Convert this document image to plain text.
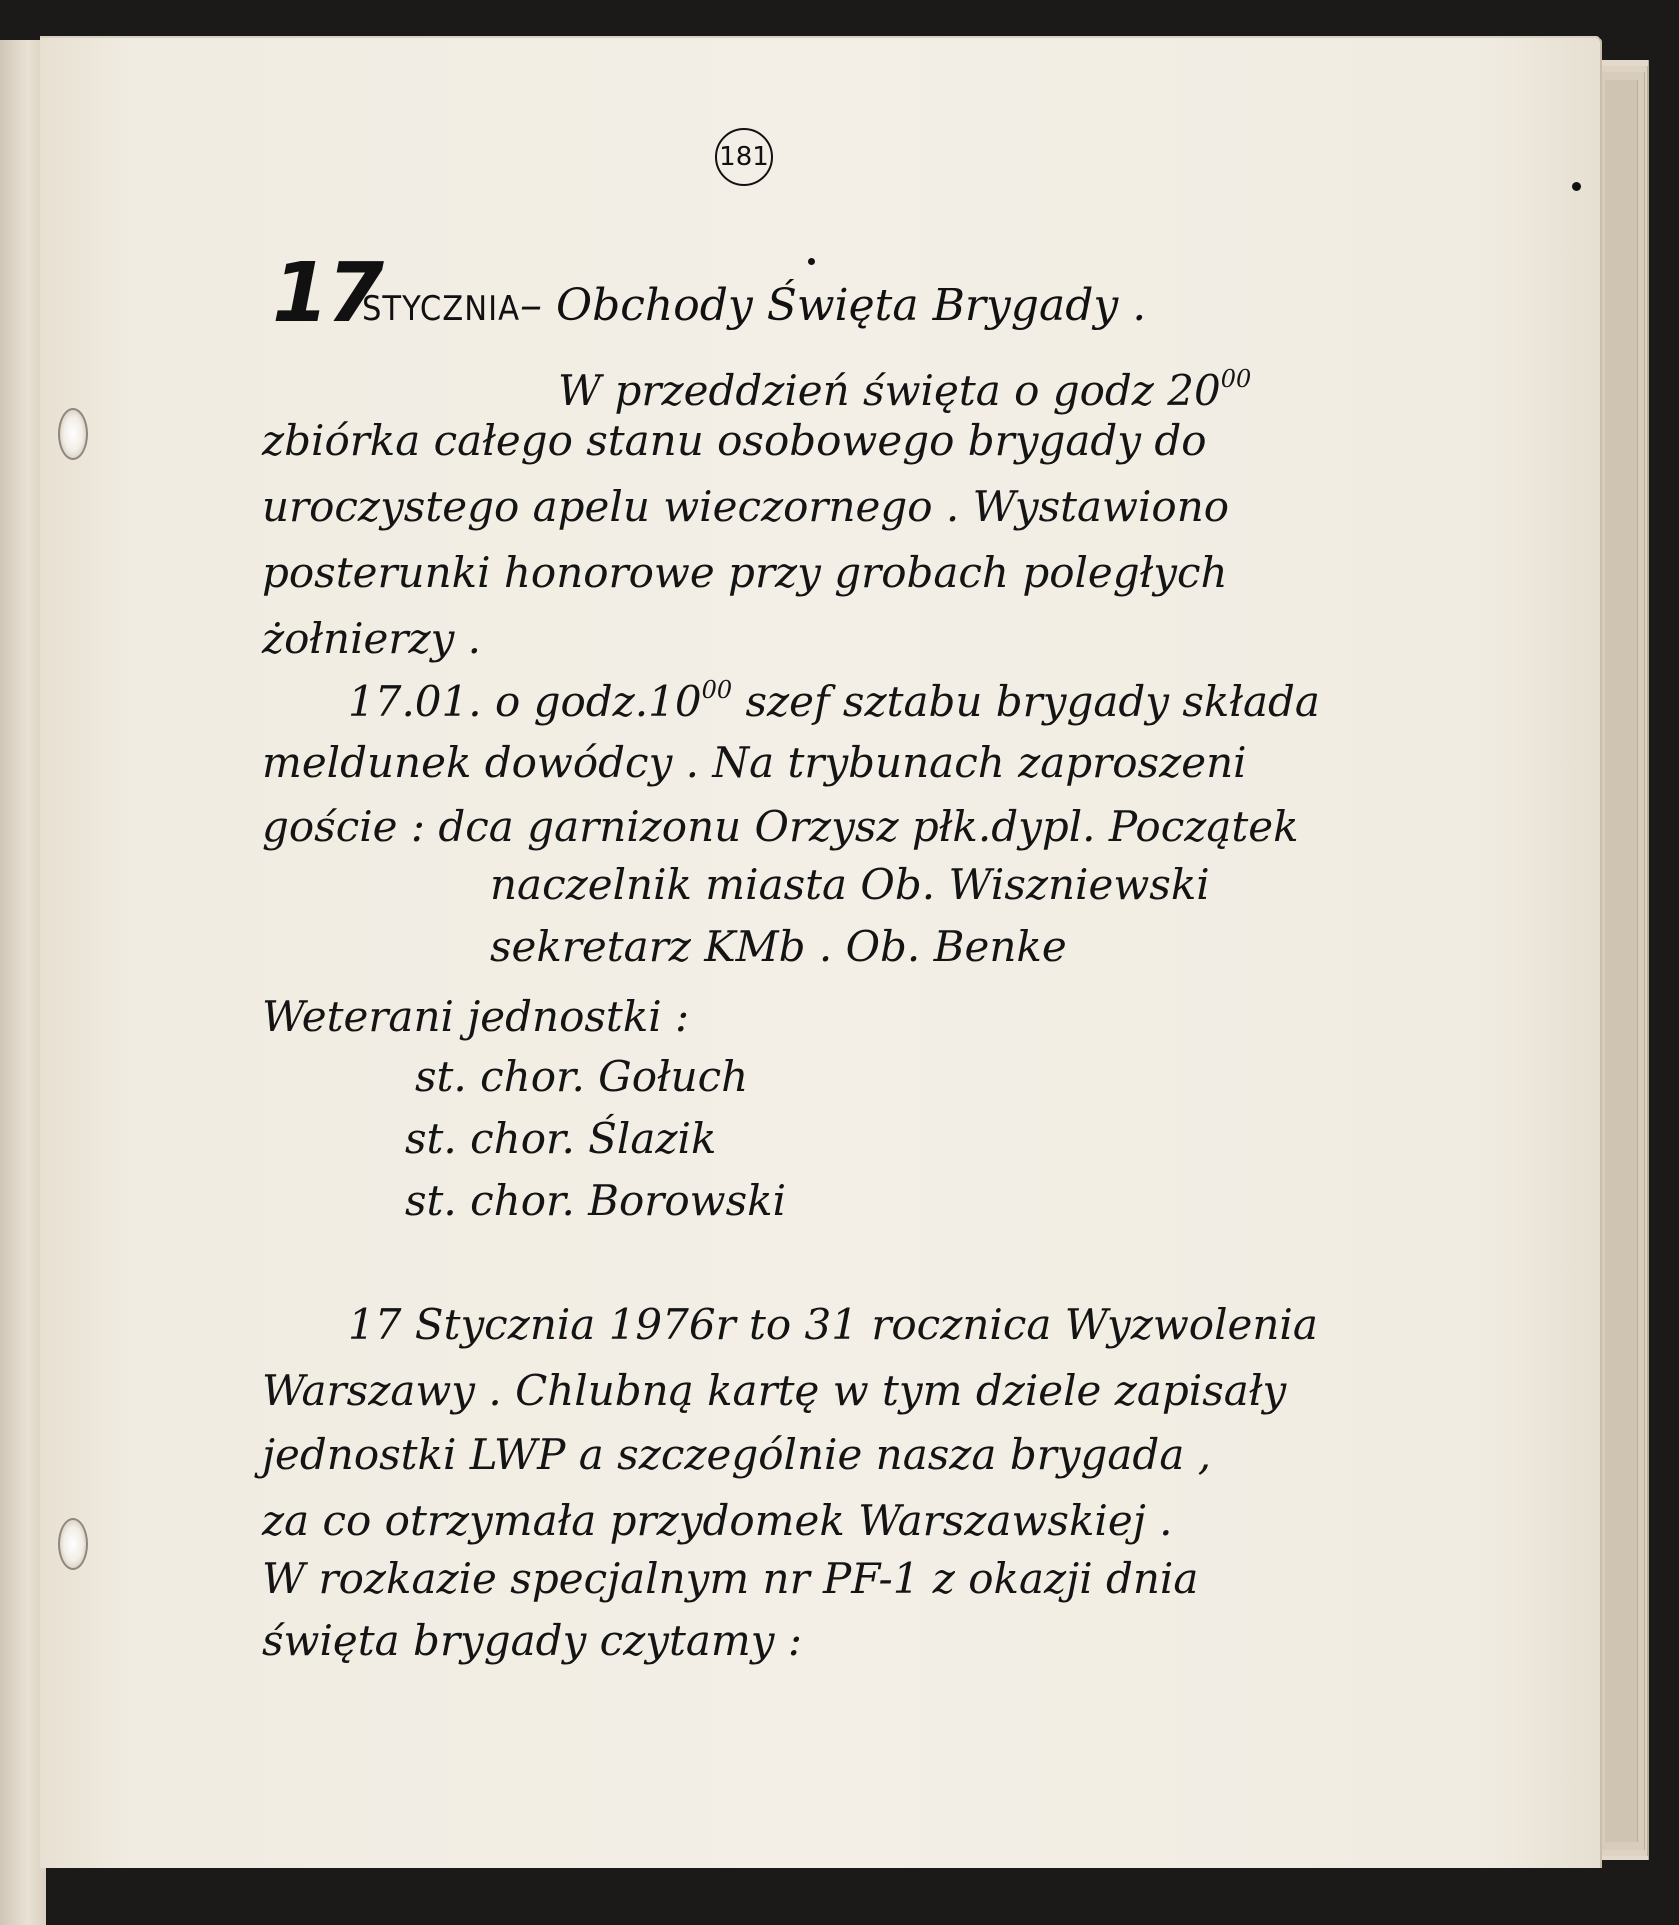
181
17
STYCZNIA– Obchody Święta Brygady .
W przeddzień święta o godz $20^{00}$
zbiórka całego stanu osobowego brygady do
uroczystego apelu wieczornego . Wystawiono
posterunki honorowe przy grobach poległych
żołnierzy .
17.01. o $godz.10^{00}$ szef sztabu brygady składa
meldunek dowódcy . Na trybunach zaproszeni
goście : dca garnizonu Orzysz płk.dypl. Początek
naczelnik miasta Ob. Wiszniewski
sekretarz KMb . Ob. Benke
Weterani jednostki :
st. chor. Gołuch
st. chor. Ślazik
st. chor. Borowski
17 Stycznia 1976r to 31 rocznica Wyzwolenia
Warszawy . Chlubną kartę w tym dziele zapisały
jednostki LWP a szczególnie nasza brygada ,
za co otrzymała przydomek Warszawskiej .
W rozkazie specjalnym nr PF-1 z okazji dnia
święta brygady czytamy :
